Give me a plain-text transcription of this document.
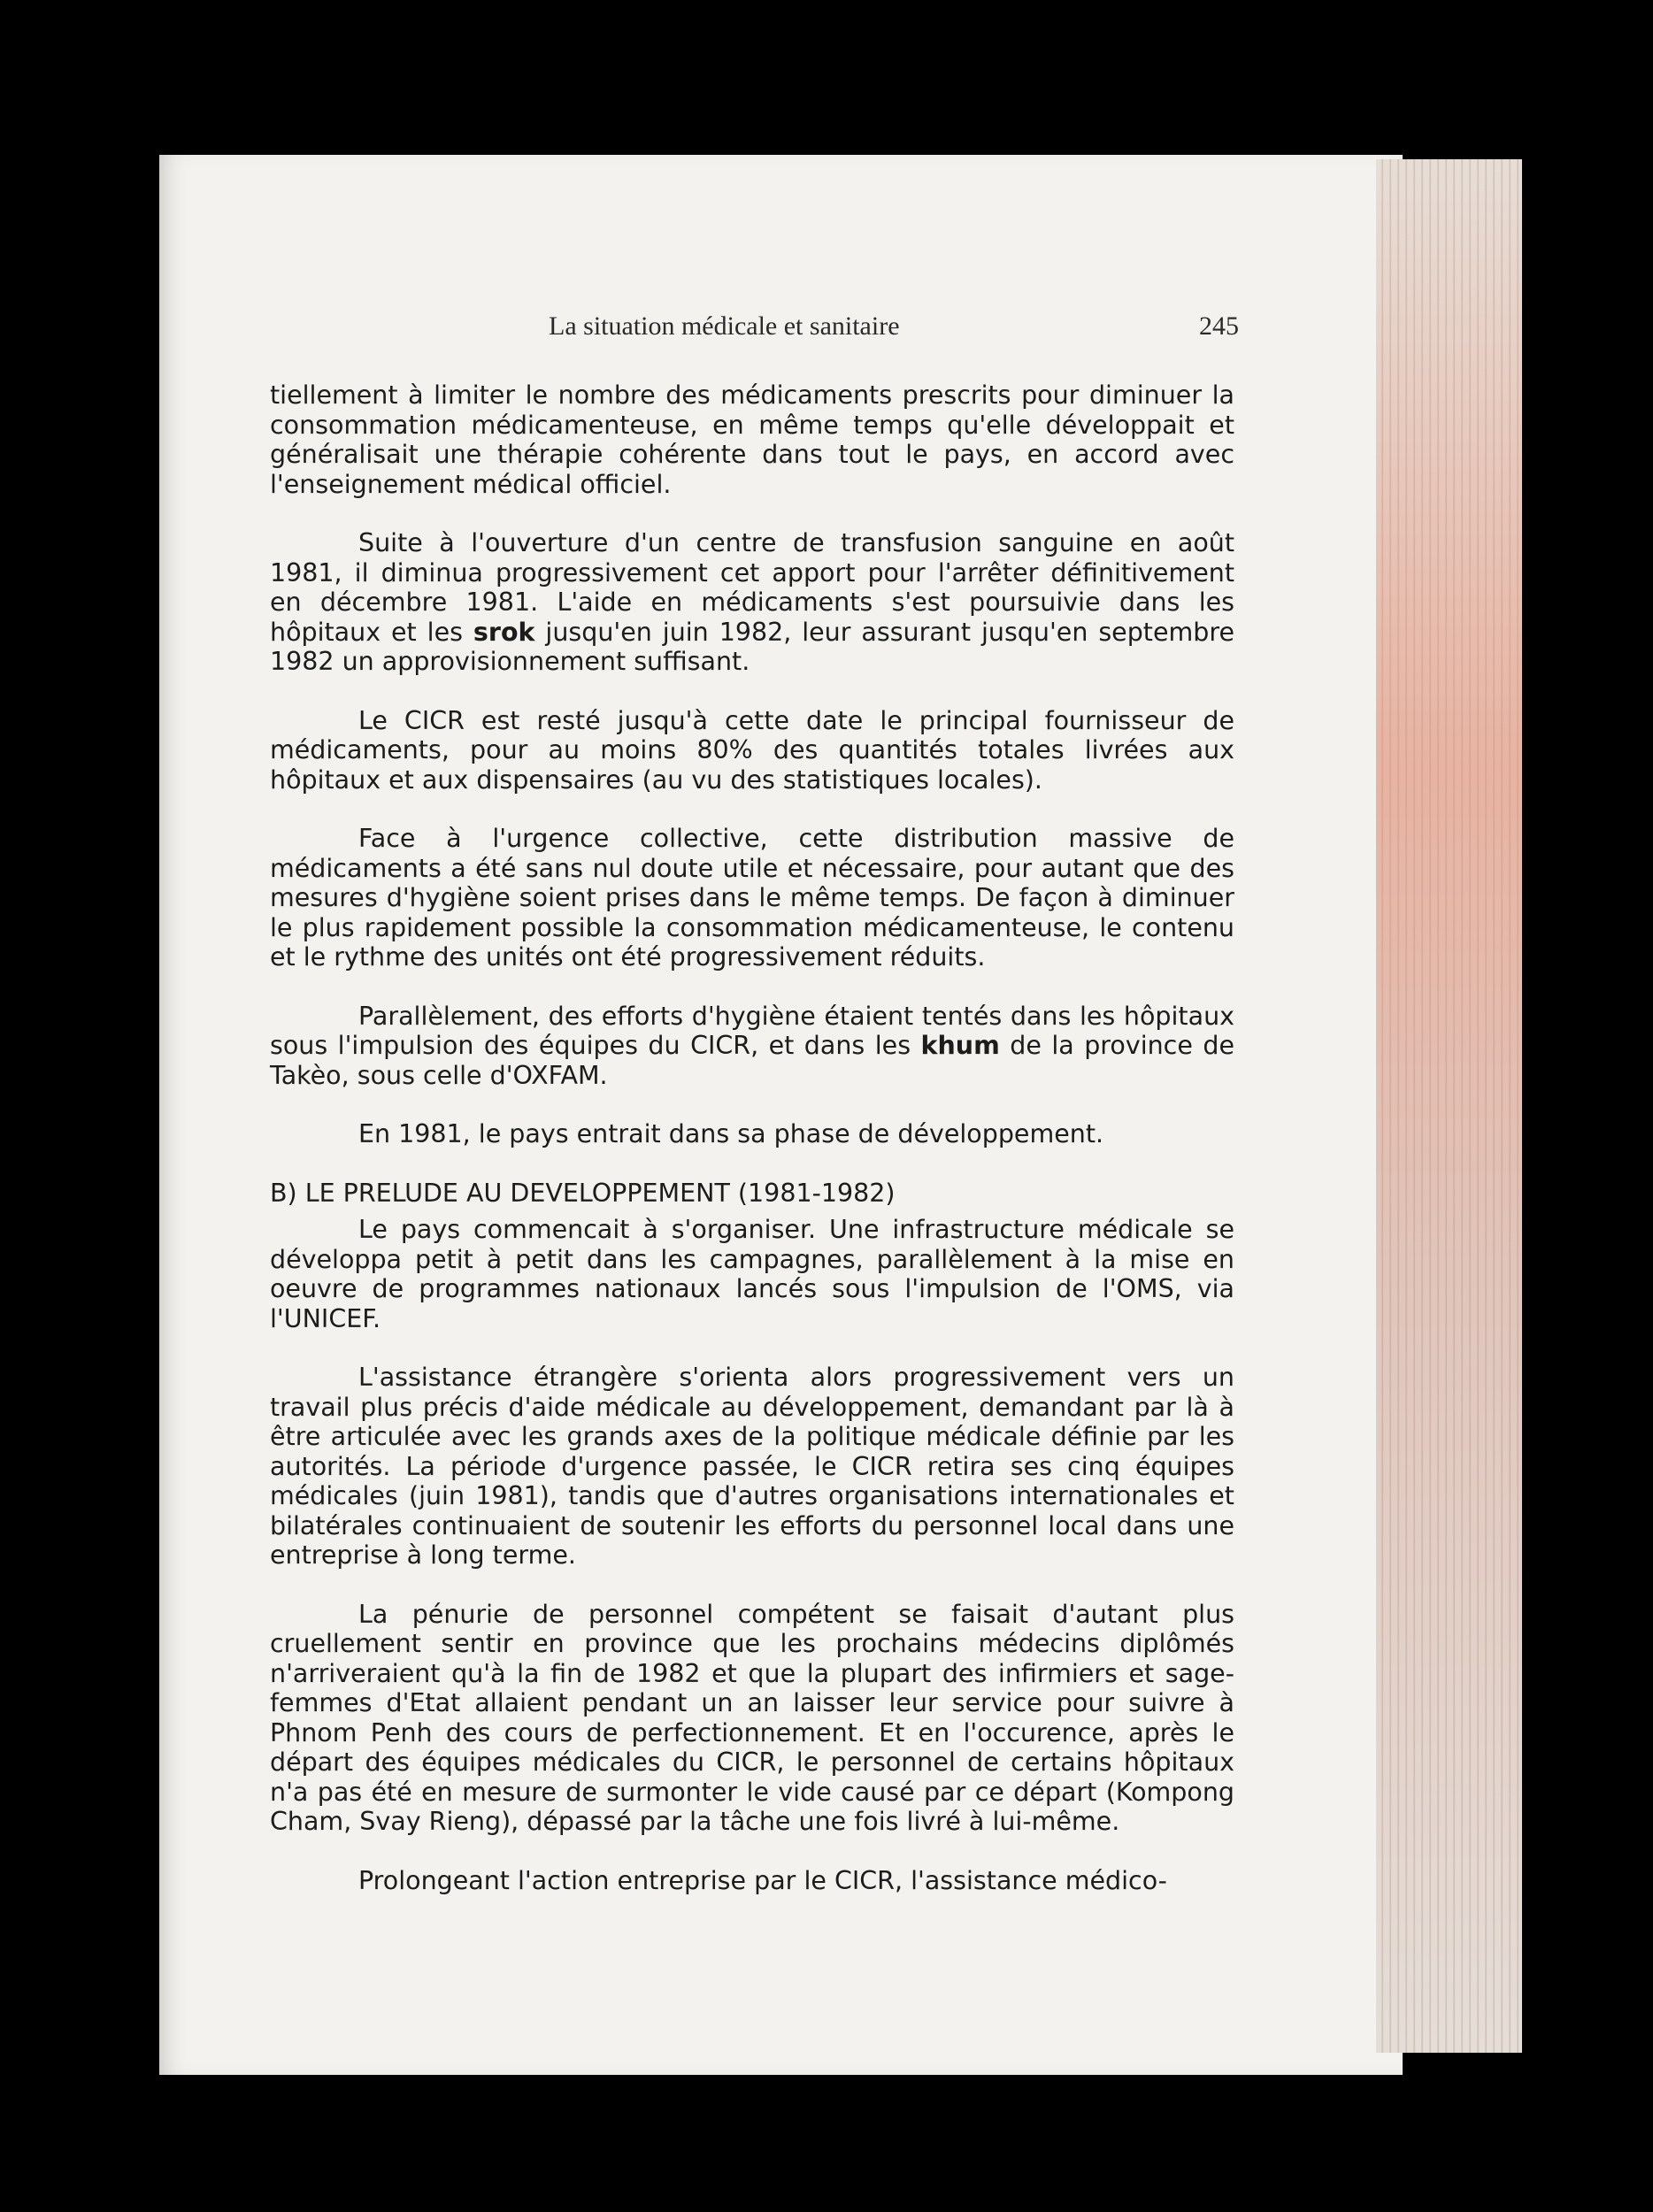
La situation médicale et sanitaire	245

tiellement à limiter le nombre des médicaments prescrits pour diminuer la consommation médicamenteuse, en même temps qu'elle développait et généralisait une thérapie cohérente dans tout le pays, en accord avec l'enseignement médical officiel.

Suite à l'ouverture d'un centre de transfusion sanguine en août 1981, il diminua progressivement cet apport pour l'arrêter définitivement en décembre 1981. L'aide en médicaments s'est poursuivie dans les hôpitaux et les srok jusqu'en juin 1982, leur assurant jusqu'en septembre 1982 un approvisionnement suffisant.

Le CICR est resté jusqu'à cette date le principal fournisseur de médicaments, pour au moins 80% des quantités totales livrées aux hôpitaux et aux dispensaires (au vu des statistiques locales).

Face à l'urgence collective, cette distribution massive de médicaments a été sans nul doute utile et nécessaire, pour autant que des mesures d'hygiène soient prises dans le même temps. De façon à diminuer le plus rapidement possible la consommation médicamenteuse, le contenu et le rythme des unités ont été progressivement réduits.

Parallèlement, des efforts d'hygiène étaient tentés dans les hôpitaux sous l'impulsion des équipes du CICR, et dans les khum de la province de Takèo, sous celle d'OXFAM.

En 1981, le pays entrait dans sa phase de développement.

B) LE PRELUDE AU DEVELOPPEMENT (1981-1982)

Le pays commencait à s'organiser. Une infrastructure médicale se développa petit à petit dans les campagnes, parallèlement à la mise en oeuvre de programmes nationaux lancés sous l'impulsion de l'OMS, via l'UNICEF.

L'assistance étrangère s'orienta alors progressivement vers un travail plus précis d'aide médicale au développement, demandant par là à être articulée avec les grands axes de la politique médicale définie par les autorités. La période d'urgence passée, le CICR retira ses cinq équipes médicales (juin 1981), tandis que d'autres organisations internationales et bilatérales continuaient de soutenir les efforts du personnel local dans une entreprise à long terme.

La pénurie de personnel compétent se faisait d'autant plus cruellement sentir en province que les prochains médecins diplômés n'arriveraient qu'à la fin de 1982 et que la plupart des infirmiers et sage-femmes d'Etat allaient pendant un an laisser leur service pour suivre à Phnom Penh des cours de perfectionnement. Et en l'occurence, après le départ des équipes médicales du CICR, le personnel de certains hôpitaux n'a pas été en mesure de surmonter le vide causé par ce départ (Kompong Cham, Svay Rieng), dépassé par la tâche une fois livré à lui-même.

Prolongeant l'action entreprise par le CICR, l'assistance médico-
